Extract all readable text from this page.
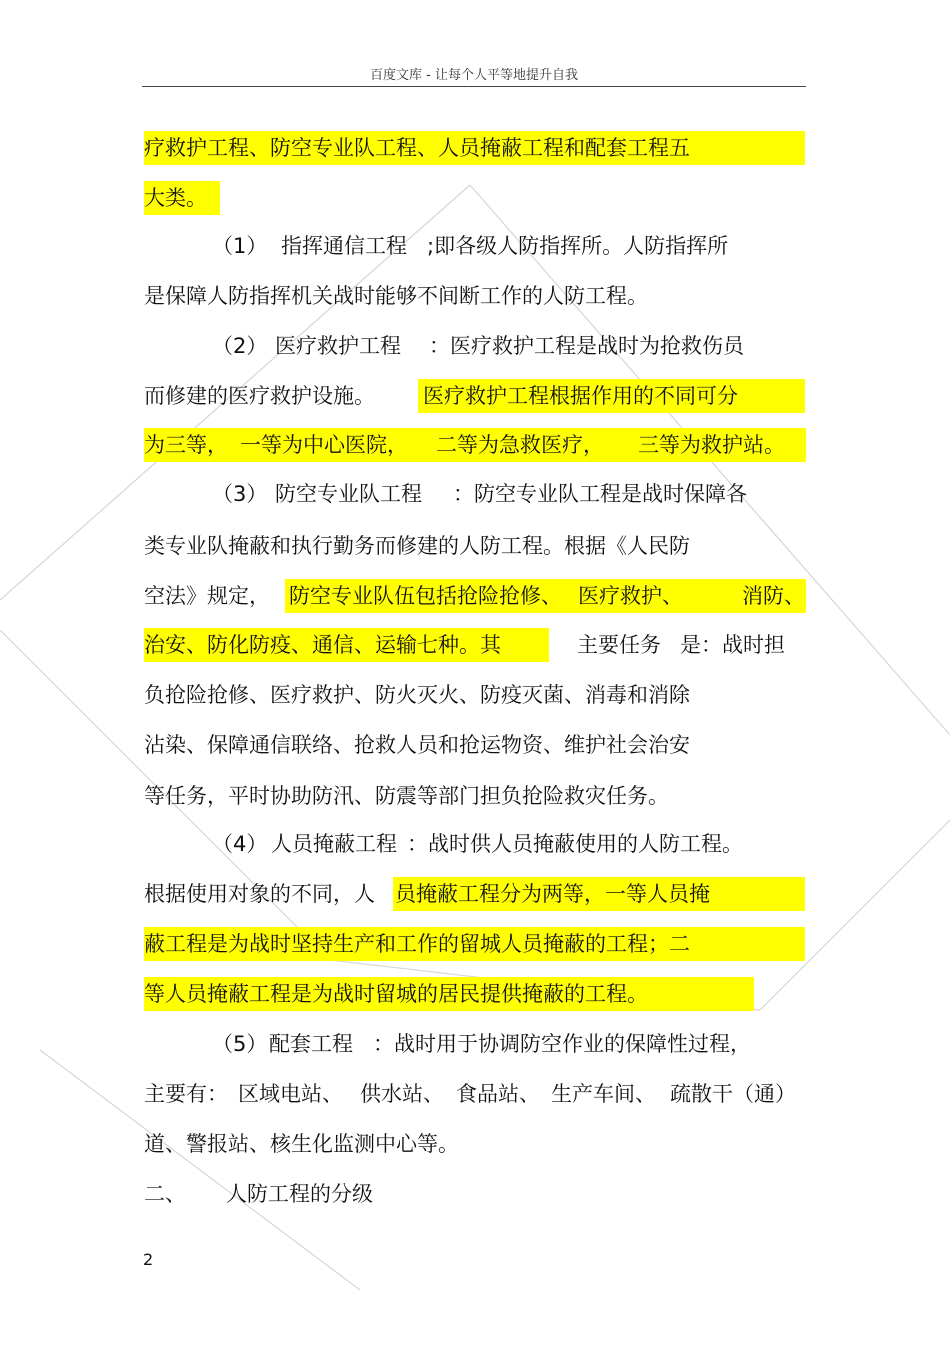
百度文库 - 让每个人平等地提升自我
疗救护工程、防空专业队工程、人员掩蔽工程和配套工程五
大类。
（1） 指挥通信工程 ;即各级人防指挥所。人防指挥所
是保障人防指挥机关战时能够不间断工作的人防工程。
（2） 医疗救护工程 ：医疗救护工程是战时为抢救伤员
而修建的医疗救护设施。 医疗救护工程根据作用的不同可分
为三等， 一等为中心医院， 二等为急救医疗， 三等为救护站。
（3） 防空专业队工程 ：防空专业队工程是战时保障各
类专业队掩蔽和执行勤务而修建的人防工程。根据《人民防
空法》规定， 防空专业队伍包括抢险抢修、 医疗救护、	消防、
治安、防化防疫、通信、运输七种。其	主要任务 是：战时担
负抢险抢修、医疗救护、防火灭火、防疫灭菌、消毒和消除
沾染、保障通信联络、抢救人员和抢运物资、维护社会治安
等任务，平时协助防汛、防震等部门担负抢险救灾任务。
（4） 人员掩蔽工程 ：战时供人员掩蔽使用的人防工程。
根据使用对象的不同，人 员掩蔽工程分为两等，一等人员掩
蔽工程是为战时坚持生产和工作的留城人员掩蔽的工程；二
等人员掩蔽工程是为战时留城的居民提供掩蔽的工程。
（5） 配套工程 ：战时用于协调防空作业的保障性过程，
主要有： 区域电站、 供水站、 食品站、 生产车间、 疏散干（通）
道、警报站、核生化监测中心等。
二、 人防工程的分级
2
